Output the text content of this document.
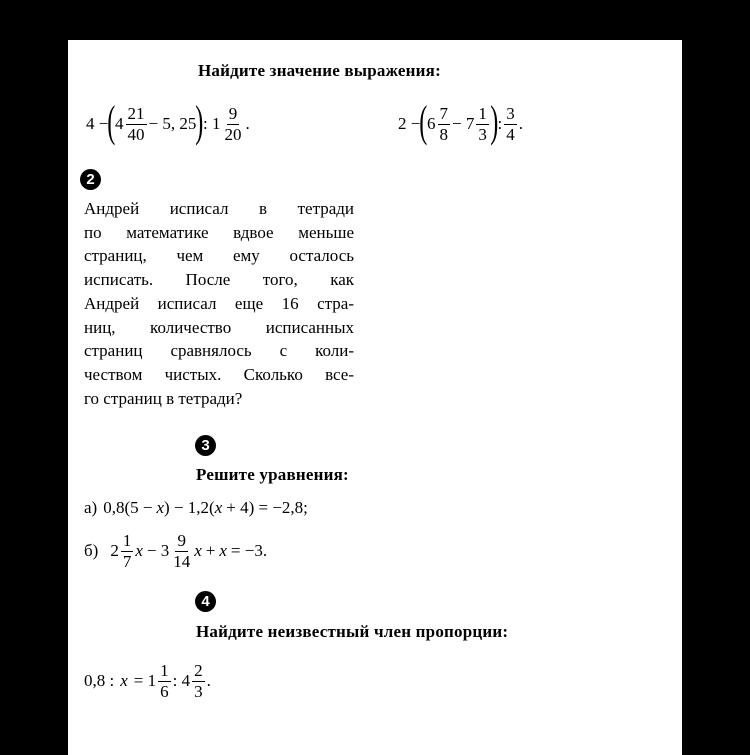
Найдите значение выражения:
4 − ( $4 \frac{21}{40} - 5$, 25 ) : $1 \frac{9}{20}$ .	2 − ( $6 \frac{7}{8} - 7 \frac{1}{3}$ ) : $\frac{3}{4}$ .
2
Андрей исписал в тетради
по математике вдвое меньше
страниц, чем ему осталось
исписать. После того, как
Андрей исписал еще 16 стра-
ниц, количество исписанных
страниц сравнялось с коли-
чеством чистых. Сколько все-
го страниц в тетради?
3
Решите уравнения:
а) 0,8(5 − x ) − 1,2( x + 4) = −2,8;
б) $2 \frac{1}{7}$ $x - 3 \frac{9}{14}$ x + x = −3.
4
Найдите неизвестный член пропорции:
0,8 : $x = 1 \frac{1}{6}$ : $4 \frac{2}{3}$ .
